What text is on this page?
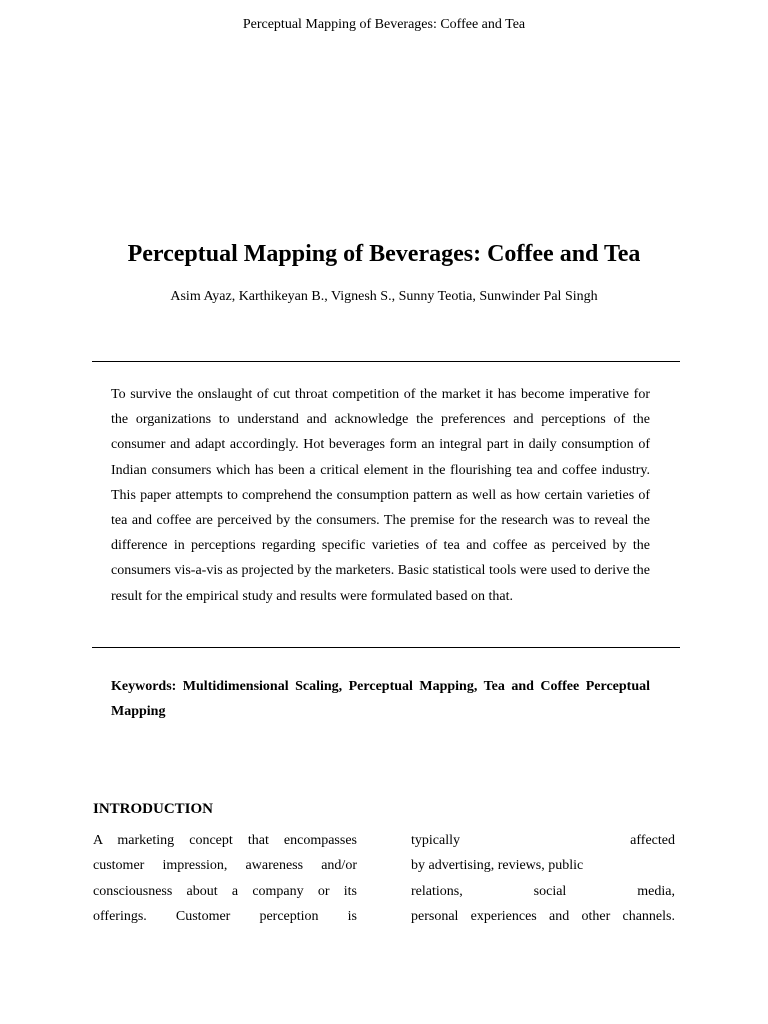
Perceptual Mapping of Beverages: Coffee and Tea
Perceptual Mapping of Beverages: Coffee and Tea
Asim Ayaz, Karthikeyan B., Vignesh S., Sunny Teotia, Sunwinder Pal Singh

To survive the onslaught of cut throat competition of the market it has become imperative for the organizations to understand and acknowledge the preferences and perceptions of the consumer and adapt accordingly. Hot beverages form an integral part in daily consumption of Indian consumers which has been a critical element in the flourishing tea and coffee industry. This paper attempts to comprehend the consumption pattern as well as how certain varieties of tea and coffee are perceived by the consumers. The premise for the research was to reveal the difference in perceptions regarding specific varieties of tea and coffee as perceived by the consumers vis-a-vis as projected by the marketers. Basic statistical tools were used to derive the result for the empirical study and results were formulated based on that.

Keywords: Multidimensional Scaling, Perceptual Mapping, Tea and Coffee Perceptual Mapping

INTRODUCTION
A marketing concept that encompasses
customer impression, awareness and/or
consciousness about a company or its
offerings. Customer perception is
typically affected
by advertising, reviews, public
relations, social media,
personal experiences and other channels.
